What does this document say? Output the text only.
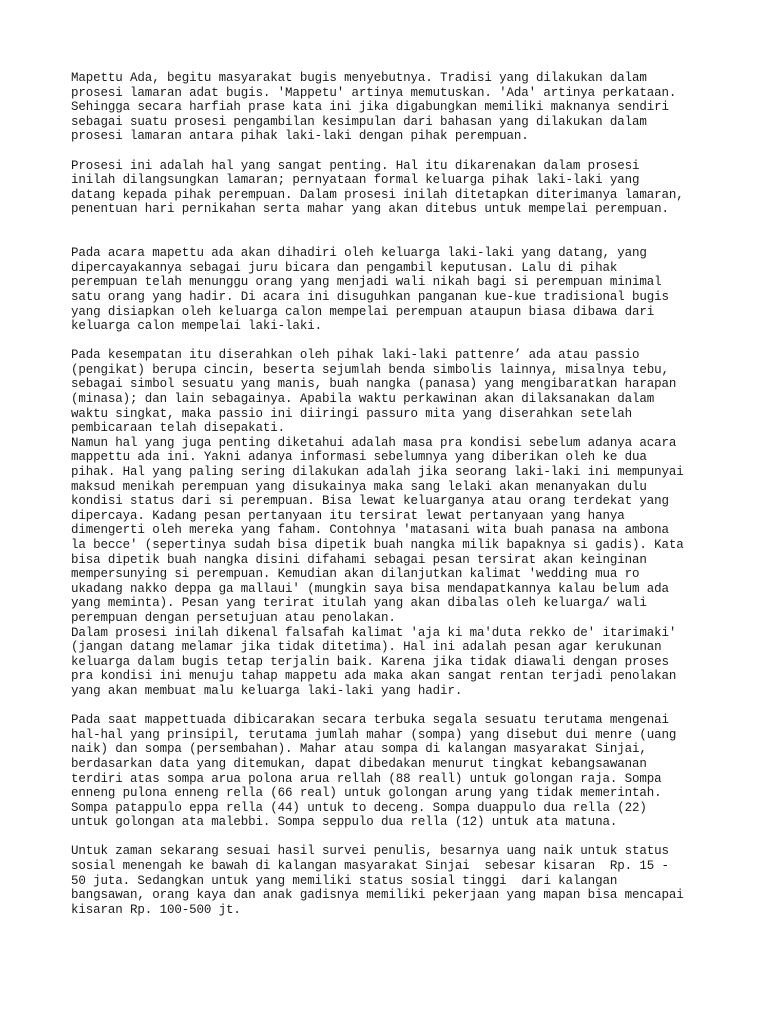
Mapettu Ada, begitu masyarakat bugis menyebutnya. Tradisi yang dilakukan dalam
prosesi lamaran adat bugis. 'Mappetu' artinya memutuskan. 'Ada' artinya perkataan.
Sehingga secara harfiah prase kata ini jika digabungkan memiliki maknanya sendiri
sebagai suatu prosesi pengambilan kesimpulan dari bahasan yang dilakukan dalam
prosesi lamaran antara pihak laki-laki dengan pihak perempuan.
Prosesi ini adalah hal yang sangat penting. Hal itu dikarenakan dalam prosesi
inilah dilangsungkan lamaran; pernyataan formal keluarga pihak laki-laki yang
datang kepada pihak perempuan. Dalam prosesi inilah ditetapkan diterimanya lamaran,
penentuan hari pernikahan serta mahar yang akan ditebus untuk mempelai perempuan.
Pada acara mapettu ada akan dihadiri oleh keluarga laki-laki yang datang, yang
dipercayakannya sebagai juru bicara dan pengambil keputusan. Lalu di pihak
perempuan telah menunggu orang yang menjadi wali nikah bagi si perempuan minimal
satu orang yang hadir. Di acara ini disuguhkan panganan kue-kue tradisional bugis
yang disiapkan oleh keluarga calon mempelai perempuan ataupun biasa dibawa dari
keluarga calon mempelai laki-laki.
Pada kesempatan itu diserahkan oleh pihak laki-laki pattenre’ ada atau passio
(pengikat) berupa cincin, beserta sejumlah benda simbolis lainnya, misalnya tebu,
sebagai simbol sesuatu yang manis, buah nangka (panasa) yang mengibaratkan harapan
(minasa); dan lain sebagainya. Apabila waktu perkawinan akan dilaksanakan dalam
waktu singkat, maka passio ini diiringi passuro mita yang diserahkan setelah
pembicaraan telah disepakati.
Namun hal yang juga penting diketahui adalah masa pra kondisi sebelum adanya acara
mappettu ada ini. Yakni adanya informasi sebelumnya yang diberikan oleh ke dua
pihak. Hal yang paling sering dilakukan adalah jika seorang laki-laki ini mempunyai
maksud menikah perempuan yang disukainya maka sang lelaki akan menanyakan dulu
kondisi status dari si perempuan. Bisa lewat keluarganya atau orang terdekat yang
dipercaya. Kadang pesan pertanyaan itu tersirat lewat pertanyaan yang hanya
dimengerti oleh mereka yang faham. Contohnya 'matasani wita buah panasa na ambona
la becce' (sepertinya sudah bisa dipetik buah nangka milik bapaknya si gadis). Kata
bisa dipetik buah nangka disini difahami sebagai pesan tersirat akan keinginan
mempersunying si perempuan. Kemudian akan dilanjutkan kalimat 'wedding mua ro
ukadang nakko deppa ga mallaui' (mungkin saya bisa mendapatkannya kalau belum ada
yang meminta). Pesan yang terirat itulah yang akan dibalas oleh keluarga/ wali
perempuan dengan persetujuan atau penolakan.
Dalam prosesi inilah dikenal falsafah kalimat 'aja ki ma'duta rekko de' itarimaki'
(jangan datang melamar jika tidak ditetima). Hal ini adalah pesan agar kerukunan
keluarga dalam bugis tetap terjalin baik. Karena jika tidak diawali dengan proses
pra kondisi ini menuju tahap mappetu ada maka akan sangat rentan terjadi penolakan
yang akan membuat malu keluarga laki-laki yang hadir.
Pada saat mappettuada dibicarakan secara terbuka segala sesuatu terutama mengenai
hal-hal yang prinsipil, terutama jumlah mahar (sompa) yang disebut dui menre (uang
naik) dan sompa (persembahan). Mahar atau sompa di kalangan masyarakat Sinjai,
berdasarkan data yang ditemukan, dapat dibedakan menurut tingkat kebangsawanan
terdiri atas sompa arua polona arua rellah (88 reall) untuk golongan raja. Sompa
enneng pulona enneng rella (66 real) untuk golongan arung yang tidak memerintah.
Sompa patappulo eppa rella (44) untuk to deceng. Sompa duappulo dua rella (22)
untuk golongan ata malebbi. Sompa seppulo dua rella (12) untuk ata matuna.
Untuk zaman sekarang sesuai hasil survei penulis, besarnya uang naik untuk status
sosial menengah ke bawah di kalangan masyarakat Sinjai  sebesar kisaran  Rp. 15 -
50 juta. Sedangkan untuk yang memiliki status sosial tinggi  dari kalangan
bangsawan, orang kaya dan anak gadisnya memiliki pekerjaan yang mapan bisa mencapai
kisaran Rp. 100-500 jt.
